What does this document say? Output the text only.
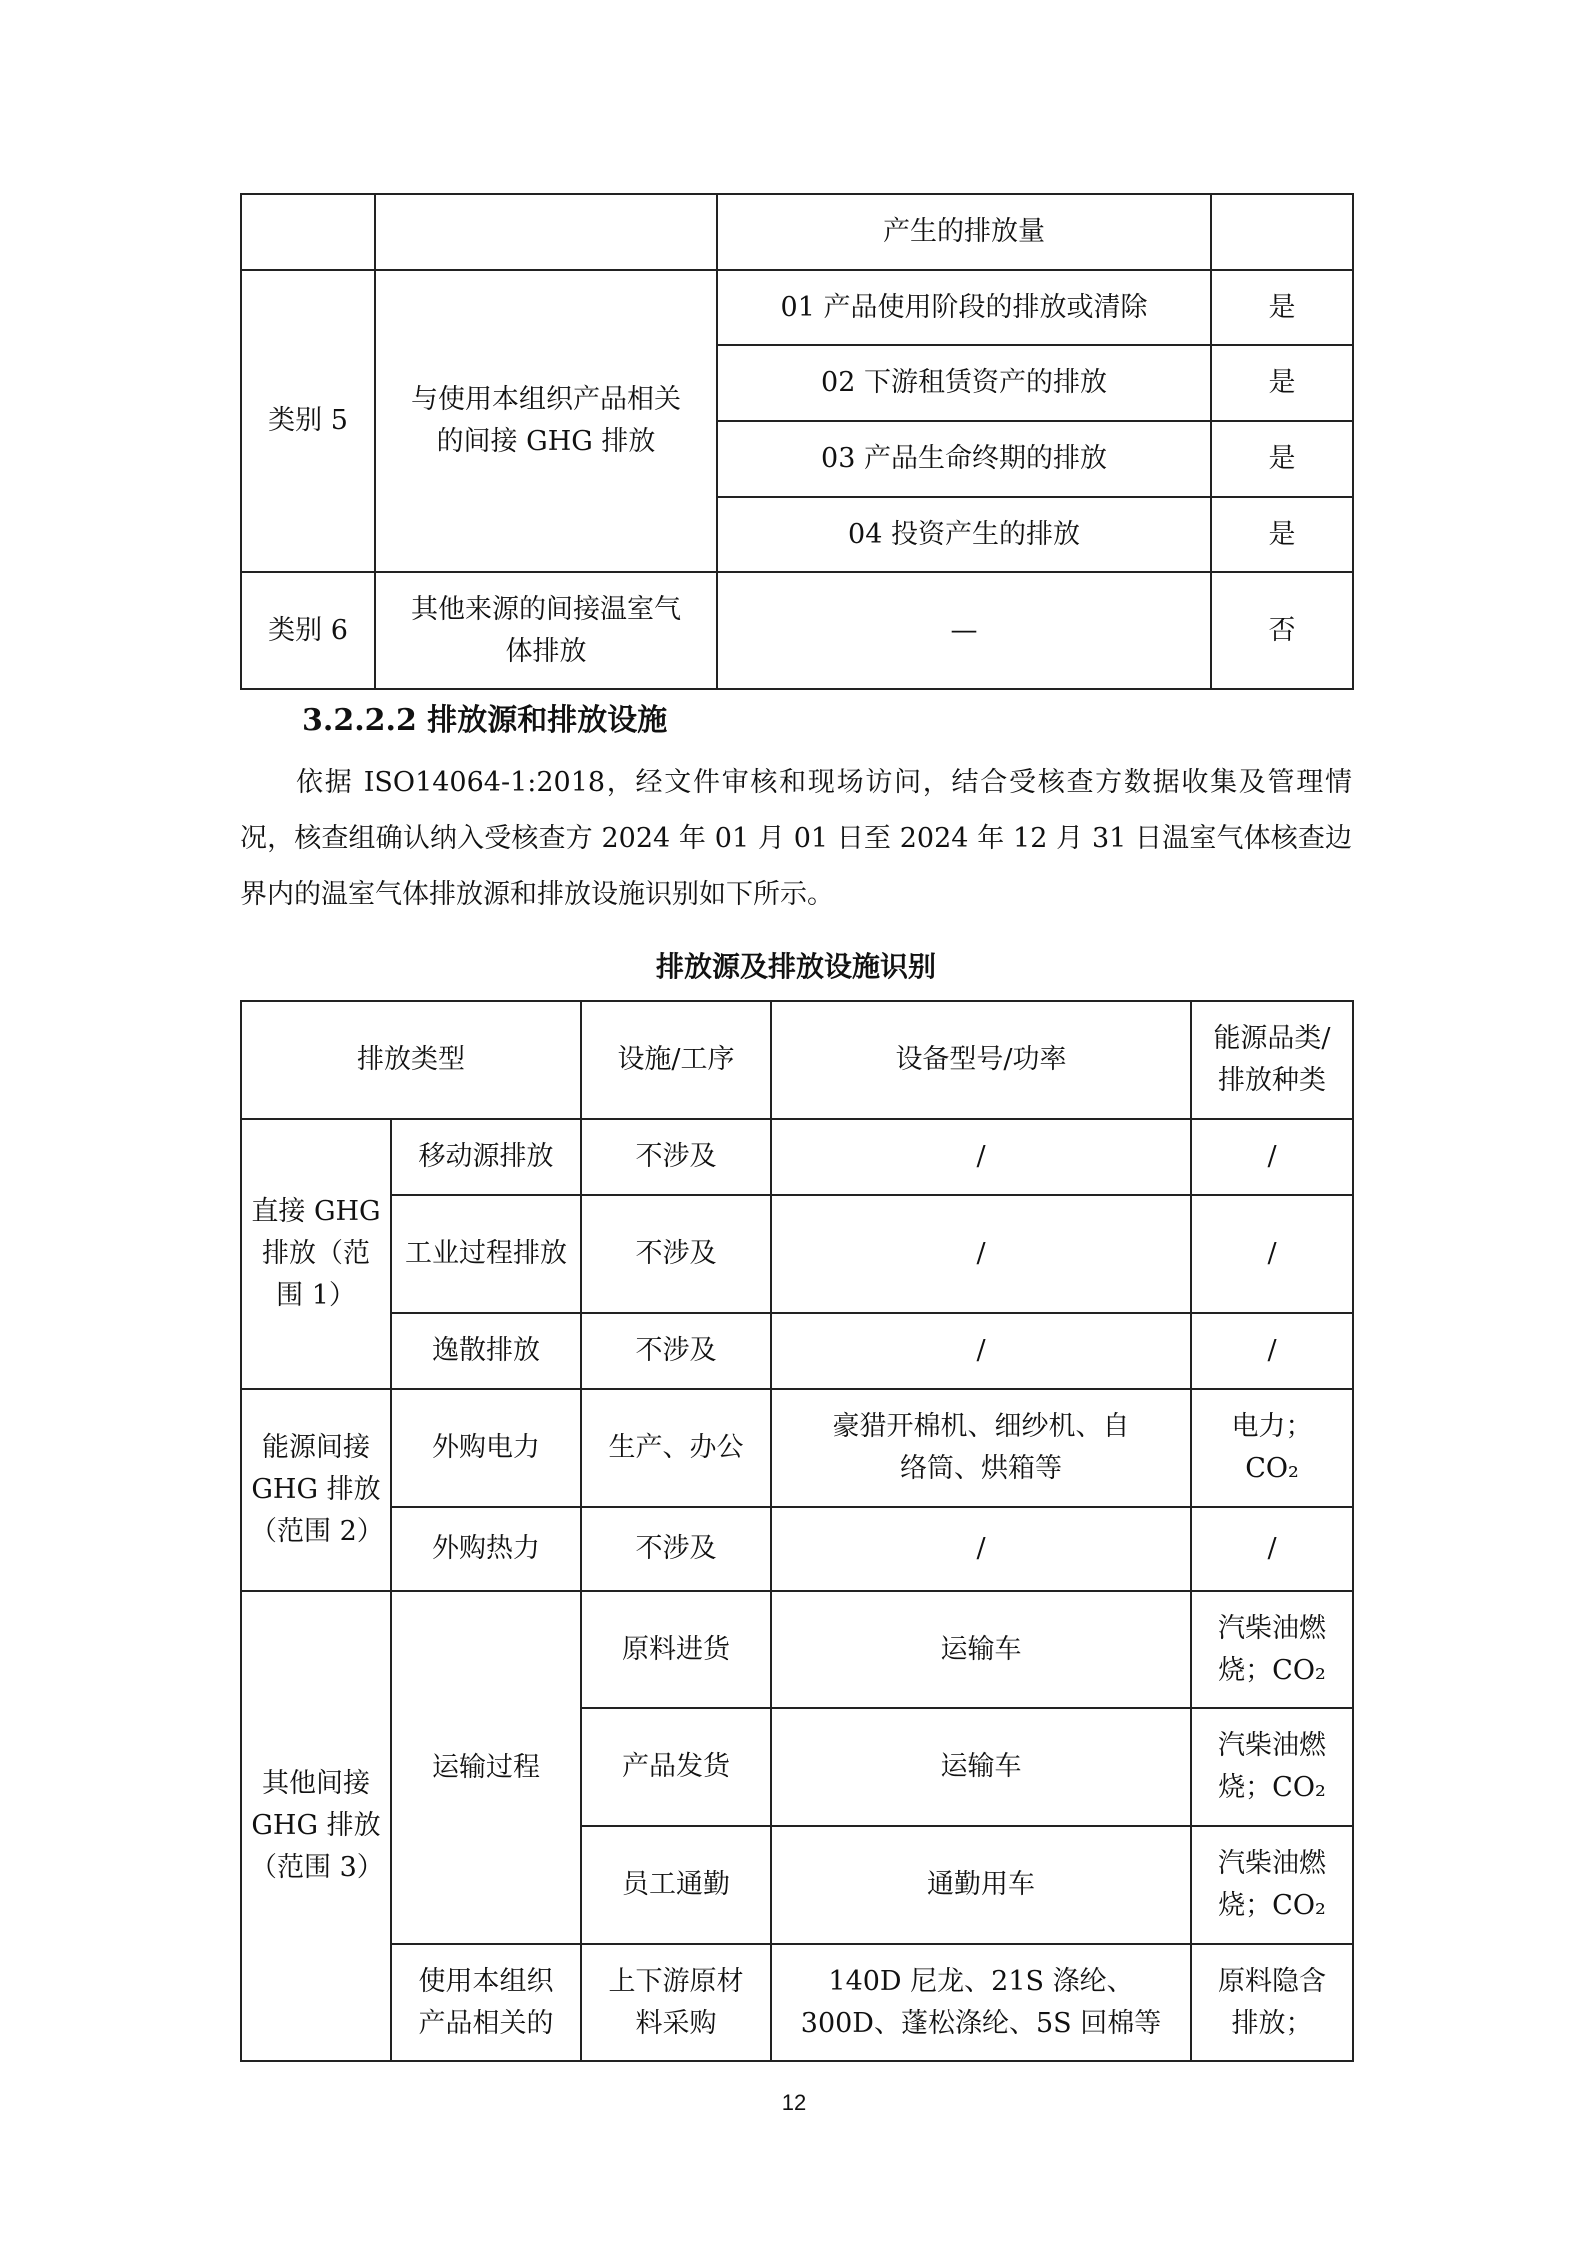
		产生的排放量	
类别 5	与使用本组织产品相关的间接 GHG 排放	01 产品使用阶段的排放或清除	是
		02 下游租赁资产的排放	是
		03 产品生命终期的排放	是
		04 投资产生的排放	是
类别 6	其他来源的间接温室气体排放	—	否
3.2.2.2 排放源和排放设施
依据 ISO14064-1:2018，经文件审核和现场访问，结合受核查方数据收集及管理情况，核查组确认纳入受核查方 2024 年 01 月 01 日至 2024 年 12 月 31 日温室气体核查边界内的温室气体排放源和排放设施识别如下所示。
排放源及排放设施识别
排放类型		设施/工序	设备型号/功率	能源品类/排放种类
直接 GHG 排放（范围 1）	移动源排放	不涉及	/	/
	工业过程排放	不涉及	/	/
	逸散排放	不涉及	/	/
能源间接 GHG 排放（范围 2）	外购电力	生产、办公	豪猎开棉机、细纱机、自络筒、烘箱等	电力；CO₂
	外购热力	不涉及	/	/
其他间接 GHG 排放（范围 3）	运输过程	原料进货	运输车	汽柴油燃烧；CO₂
		产品发货	运输车	汽柴油燃烧；CO₂
		员工通勤	通勤用车	汽柴油燃烧；CO₂
	使用本组织产品相关的	上下游原材料采购	140D 尼龙、21S 涤纶、300D、蓬松涤纶、5S 回棉等	原料隐含排放；
12
